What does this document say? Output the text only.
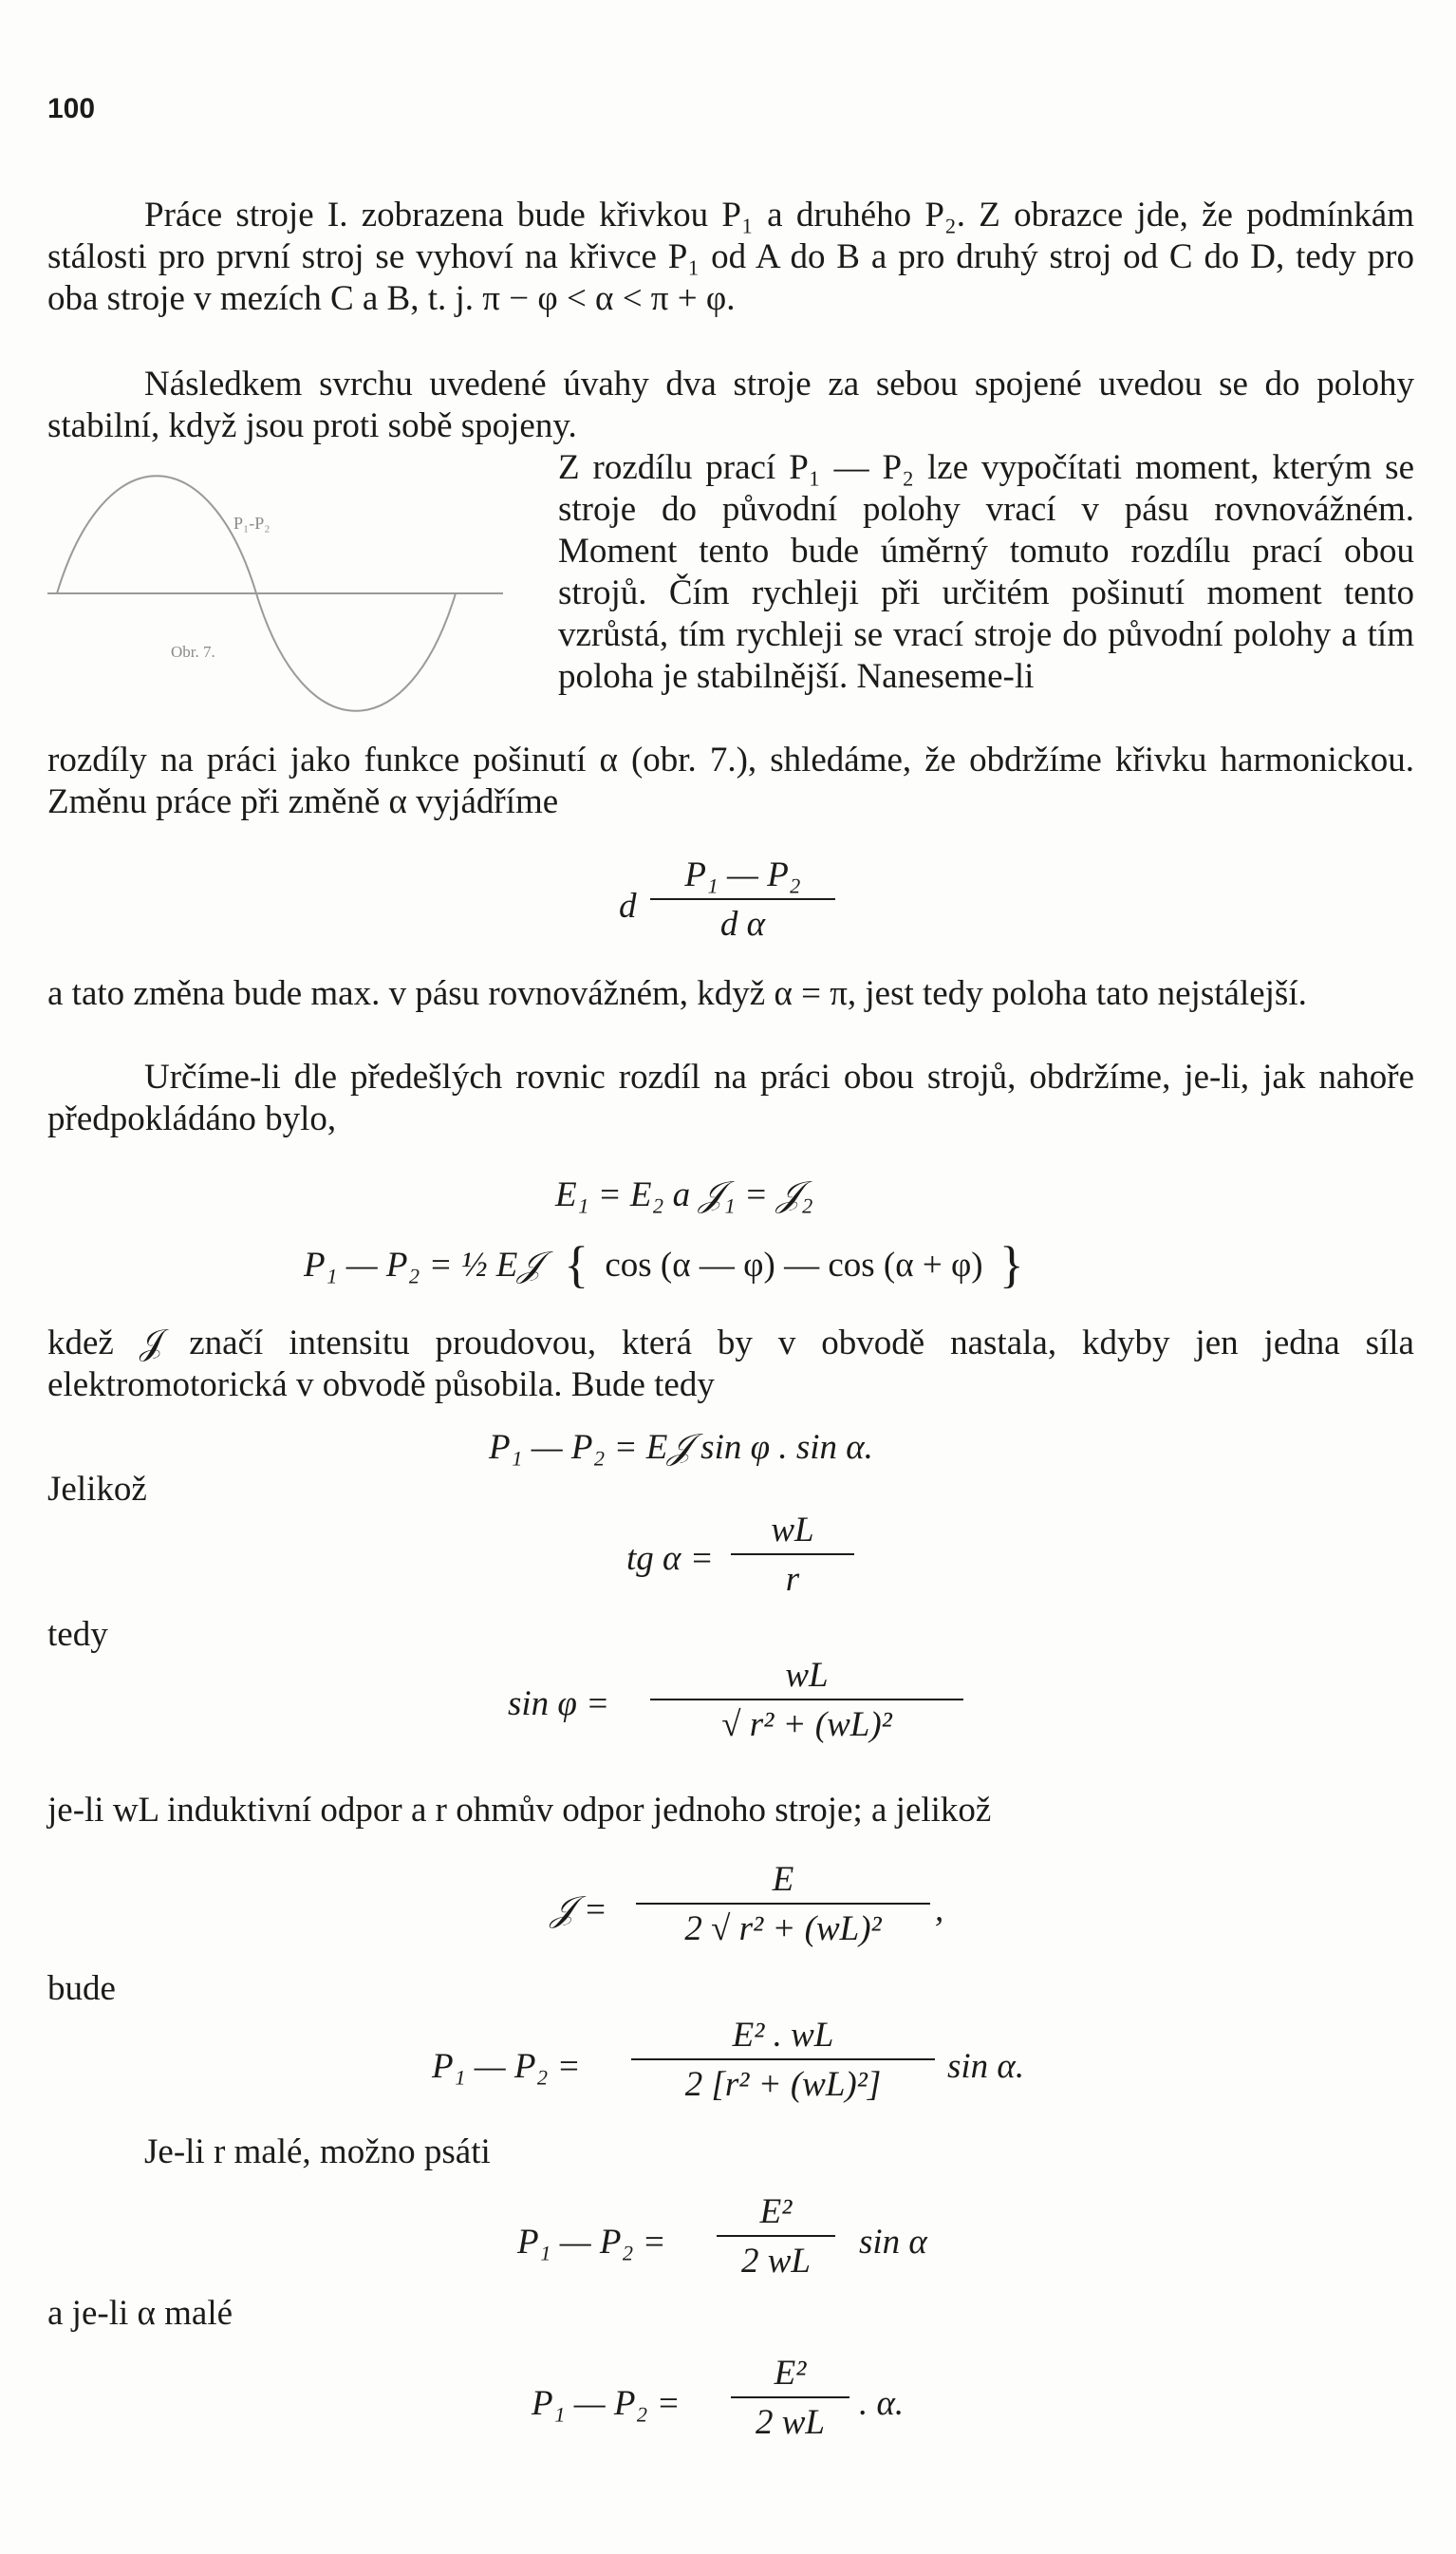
100

Práce stroje I. zobrazena bude křivkou P₁ a druhého P₂. Z obrazce jde, že podmínkám stálosti pro první stroj se vyhoví na křivce P₁ od A do B a pro druhý stroj od C do D, tedy pro oba stroje v mezích C a B, t. j. π − φ < α < π + φ.

Následkem svrchu uvedené úvahy dva stroje za sebou spojené uvedou se do polohy stabilní, když jsou proti sobě spojeny.

P₁-P₂
Obr. 7.

Z rozdílu prací P₁ — P₂ lze vypočítati moment, kterým se stroje do původní polohy vrací v pásu rovnovážném. Moment tento bude úměrný tomuto rozdílu prací obou strojů. Čím rychleji při určitém pošinutí moment tento vzrůstá, tím rychleji se vrací stroje do původní polohy a tím poloha je stabilnější. Naneseme-li

rozdíly na práci jako funkce pošinutí α (obr. 7.), shledáme, že obdržíme křivku harmonickou. Změnu práce při změně α vyjádříme

d
P₁ — P₂
d α

a tato změna bude max. v pásu rovnovážném, když α = π, jest tedy poloha tato nejstálejší.

Určíme-li dle předešlých rovnic rozdíl na práci obou strojů, obdržíme, je-li, jak nahoře předpokládáno bylo,

E₁ = E₂ a 𝒥₁ = 𝒥₂
P₁ — P₂ = ½ E𝒥 { cos (α — φ) — cos (α + φ) }

kdež 𝒥 značí intensitu proudovou, která by v obvodě nastala, kdyby jen jedna síla elektromotorická v obvodě působila. Bude tedy

P₁ — P₂ = E𝒥 sin φ . sin α.
Jelikož
tg α =
wL
r
tedy
sin φ =
wL
√ r² + (wL)²

je-li wL induktivní odpor a r ohmův odpor jednoho stroje; a jelikož

𝒥 =
E
2 √ r² + (wL)²	,
bude
P₁ — P₂ =
E² . wL
2 [r² + (wL)²]	sin α.
Je-li r malé, možno psáti
P₁ — P₂ =
E²
2 wL	sin α
a je-li α malé
P₁ — P₂ =
E²
2 wL . α.
